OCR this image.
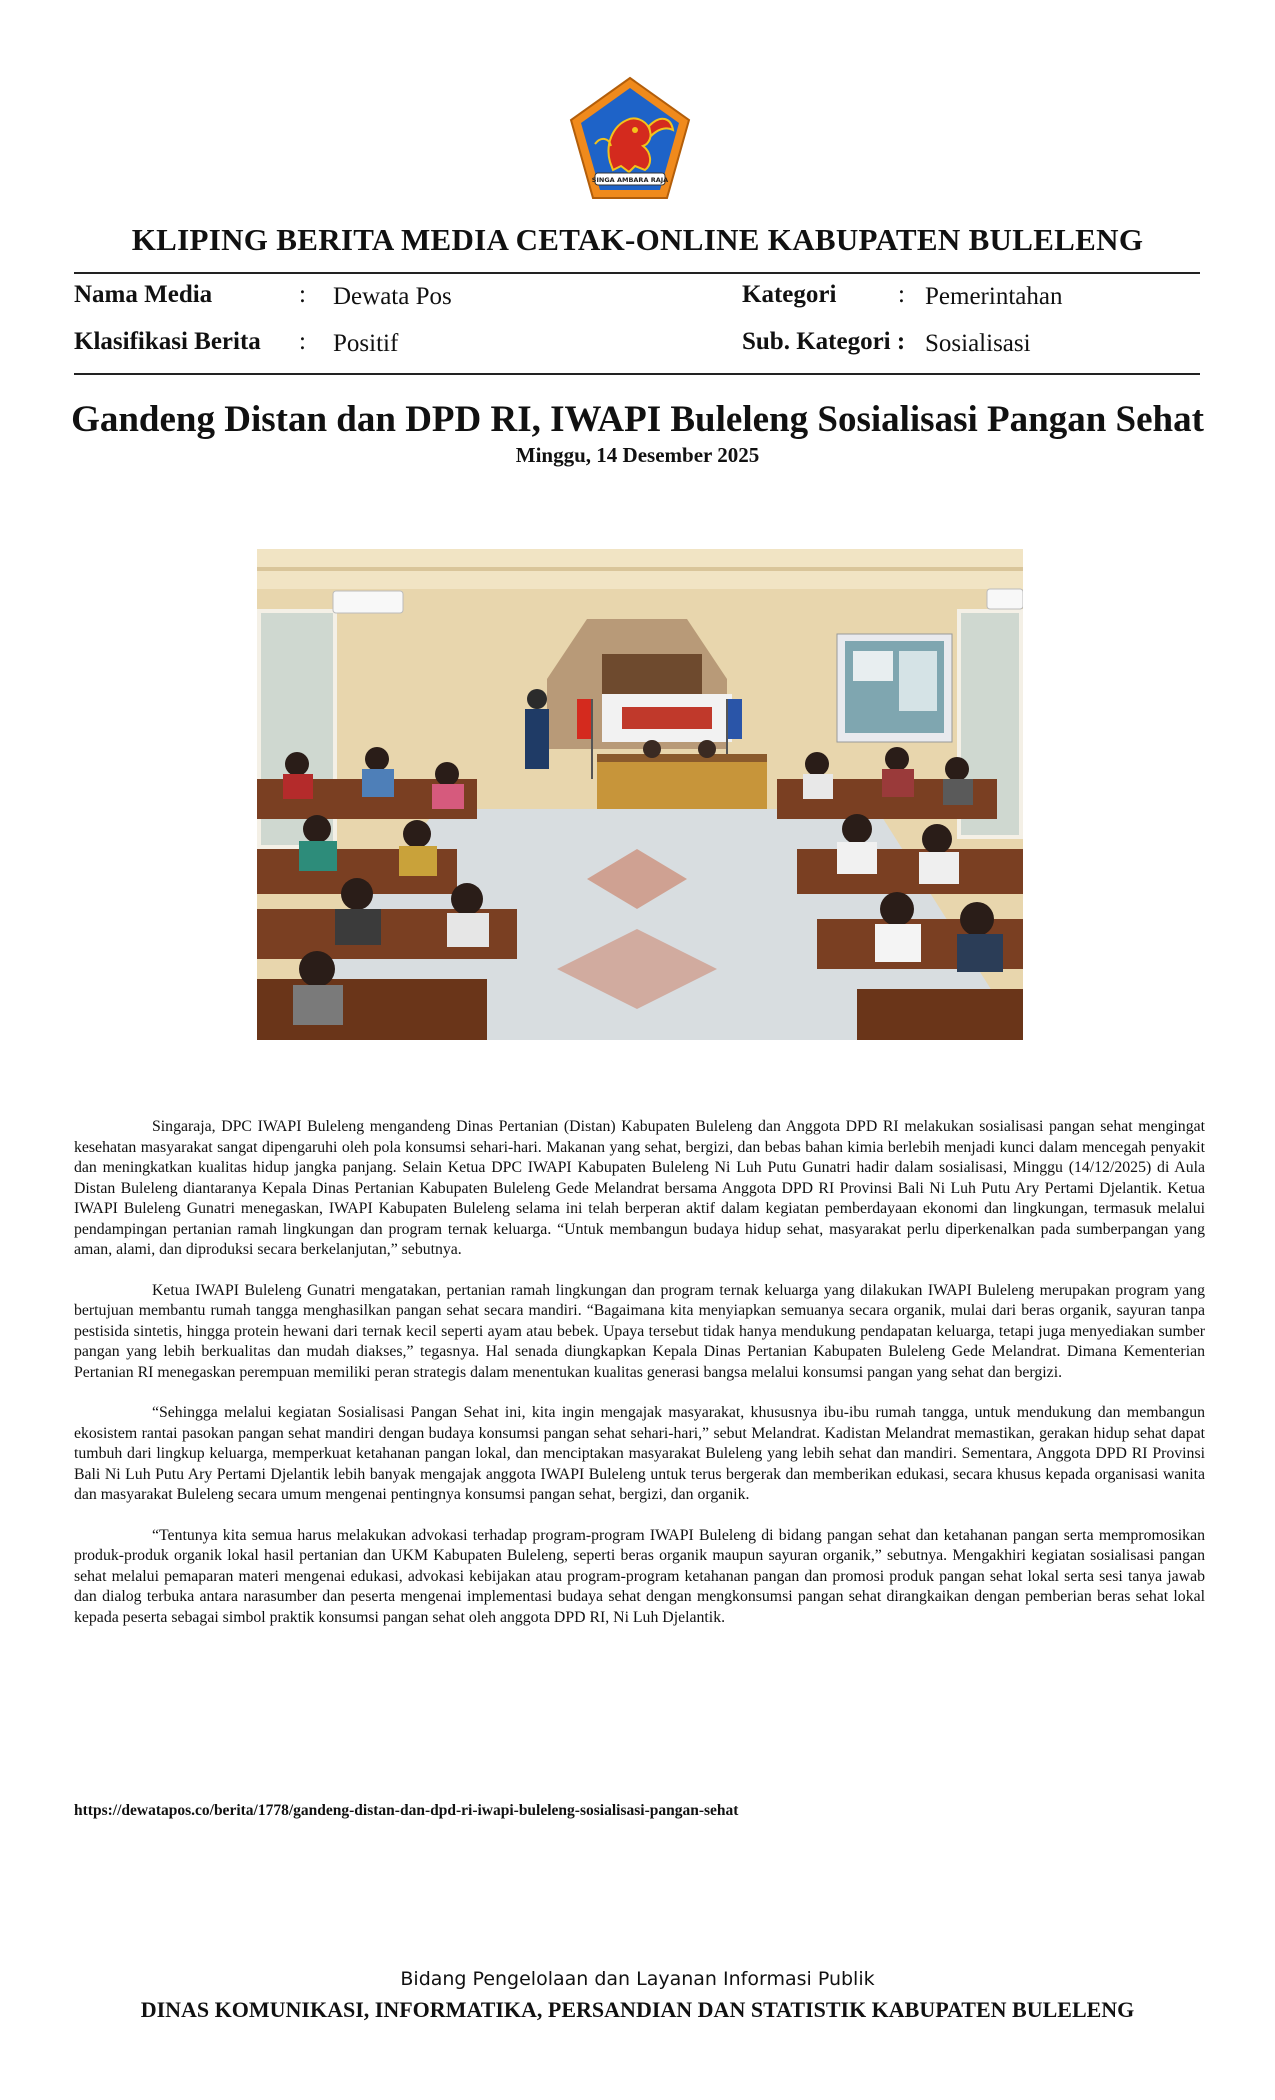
SINGA AMBARA RAJA
KLIPING BERITA MEDIA CETAK-ONLINE KABUPATEN BULELENG
Nama Media	: Dewata Pos	Kategori : Pemerintahan
Klasifikasi Berita : Positif	Sub. Kategori : Sosialisasi
Gandeng Distan dan DPD RI, IWAPI Buleleng Sosialisasi Pangan Sehat
Minggu, 14 Desember 2025

Singaraja, DPC IWAPI Buleleng mengandeng Dinas Pertanian (Distan) Kabupaten Buleleng dan Anggota DPD RI melakukan sosialisasi pangan sehat mengingat kesehatan masyarakat sangat dipengaruhi oleh pola konsumsi sehari-hari. Makanan yang sehat, bergizi, dan bebas bahan kimia berlebih menjadi kunci dalam mencegah penyakit dan meningkatkan kualitas hidup jangka panjang. Selain Ketua DPC IWAPI Kabupaten Buleleng Ni Luh Putu Gunatri hadir dalam sosialisasi, Minggu (14/12/2025) di Aula Distan Buleleng diantaranya Kepala Dinas Pertanian Kabupaten Buleleng Gede Melandrat bersama Anggota DPD RI Provinsi Bali Ni Luh Putu Ary Pertami Djelantik. Ketua IWAPI Buleleng Gunatri menegaskan, IWAPI Kabupaten Buleleng selama ini telah berperan aktif dalam kegiatan pemberdayaan ekonomi dan lingkungan, termasuk melalui pendampingan pertanian ramah lingkungan dan program ternak keluarga. “Untuk membangun budaya hidup sehat, masyarakat perlu diperkenalkan pada sumberpangan yang aman, alami, dan diproduksi secara berkelanjutan,” sebutnya.

Ketua IWAPI Buleleng Gunatri mengatakan, pertanian ramah lingkungan dan program ternak keluarga yang dilakukan IWAPI Buleleng merupakan program yang bertujuan membantu rumah tangga menghasilkan pangan sehat secara mandiri. “Bagaimana kita menyiapkan semuanya secara organik, mulai dari beras organik, sayuran tanpa pestisida sintetis, hingga protein hewani dari ternak kecil seperti ayam atau bebek. Upaya tersebut tidak hanya mendukung pendapatan keluarga, tetapi juga menyediakan sumber pangan yang lebih berkualitas dan mudah diakses,” tegasnya. Hal senada diungkapkan Kepala Dinas Pertanian Kabupaten Buleleng Gede Melandrat. Dimana Kementerian Pertanian RI menegaskan perempuan memiliki peran strategis dalam menentukan kualitas generasi bangsa melalui konsumsi pangan yang sehat dan bergizi.

“Sehingga melalui kegiatan Sosialisasi Pangan Sehat ini, kita ingin mengajak masyarakat, khususnya ibu-ibu rumah tangga, untuk mendukung dan membangun ekosistem rantai pasokan pangan sehat mandiri dengan budaya konsumsi pangan sehat sehari-hari,” sebut Melandrat. Kadistan Melandrat memastikan, gerakan hidup sehat dapat tumbuh dari lingkup keluarga, memperkuat ketahanan pangan lokal, dan menciptakan masyarakat Buleleng yang lebih sehat dan mandiri. Sementara, Anggota DPD RI Provinsi Bali Ni Luh Putu Ary Pertami Djelantik lebih banyak mengajak anggota IWAPI Buleleng untuk terus bergerak dan memberikan edukasi, secara khusus kepada organisasi wanita dan masyarakat Buleleng secara umum mengenai pentingnya konsumsi pangan sehat, bergizi, dan organik.

“Tentunya kita semua harus melakukan advokasi terhadap program-program IWAPI Buleleng di bidang pangan sehat dan ketahanan pangan serta mempromosikan produk-produk organik lokal hasil pertanian dan UKM Kabupaten Buleleng, seperti beras organik maupun sayuran organik,” sebutnya. Mengakhiri kegiatan sosialisasi pangan sehat melalui pemaparan materi mengenai edukasi, advokasi kebijakan atau program-program ketahanan pangan dan promosi produk pangan sehat lokal serta sesi tanya jawab dan dialog terbuka antara narasumber dan peserta mengenai implementasi budaya sehat dengan mengkonsumsi pangan sehat dirangkaikan dengan pemberian beras sehat lokal kepada peserta sebagai simbol praktik konsumsi pangan sehat oleh anggota DPD RI, Ni Luh Djelantik.

https://dewatapos.co/berita/1778/gandeng-distan-dan-dpd-ri-iwapi-buleleng-sosialisasi-pangan-sehat
Bidang Pengelolaan dan Layanan Informasi Publik
DINAS KOMUNIKASI, INFORMATIKA, PERSANDIAN DAN STATISTIK KABUPATEN BULELENG
